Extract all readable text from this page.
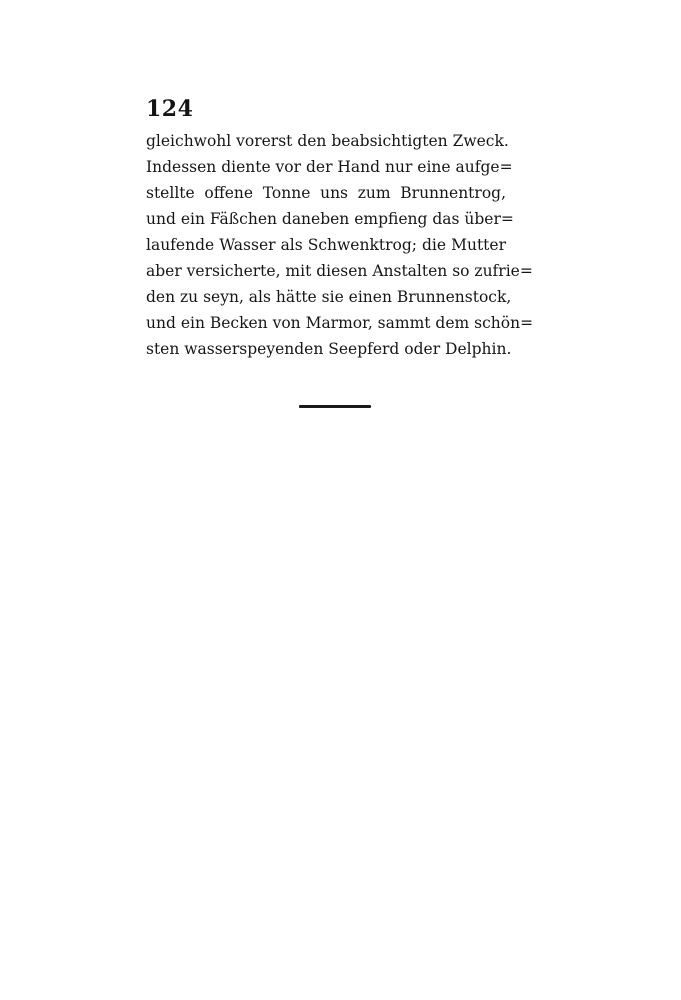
124
gleichwohl vorerst den beabsichtigten Zweck.
Indessen diente vor der Hand nur eine aufge=
stellte offene Tonne uns zum Brunnentrog,
und ein Fäßchen daneben empfieng das über=
laufende Wasser als Schwenktrog; die Mutter
aber versicherte, mit diesen Anstalten so zufrie=
den zu seyn, als hätte sie einen Brunnenstock,
und ein Becken von Marmor, sammt dem schön=
sten wasserspeyenden Seepferd oder Delphin.
